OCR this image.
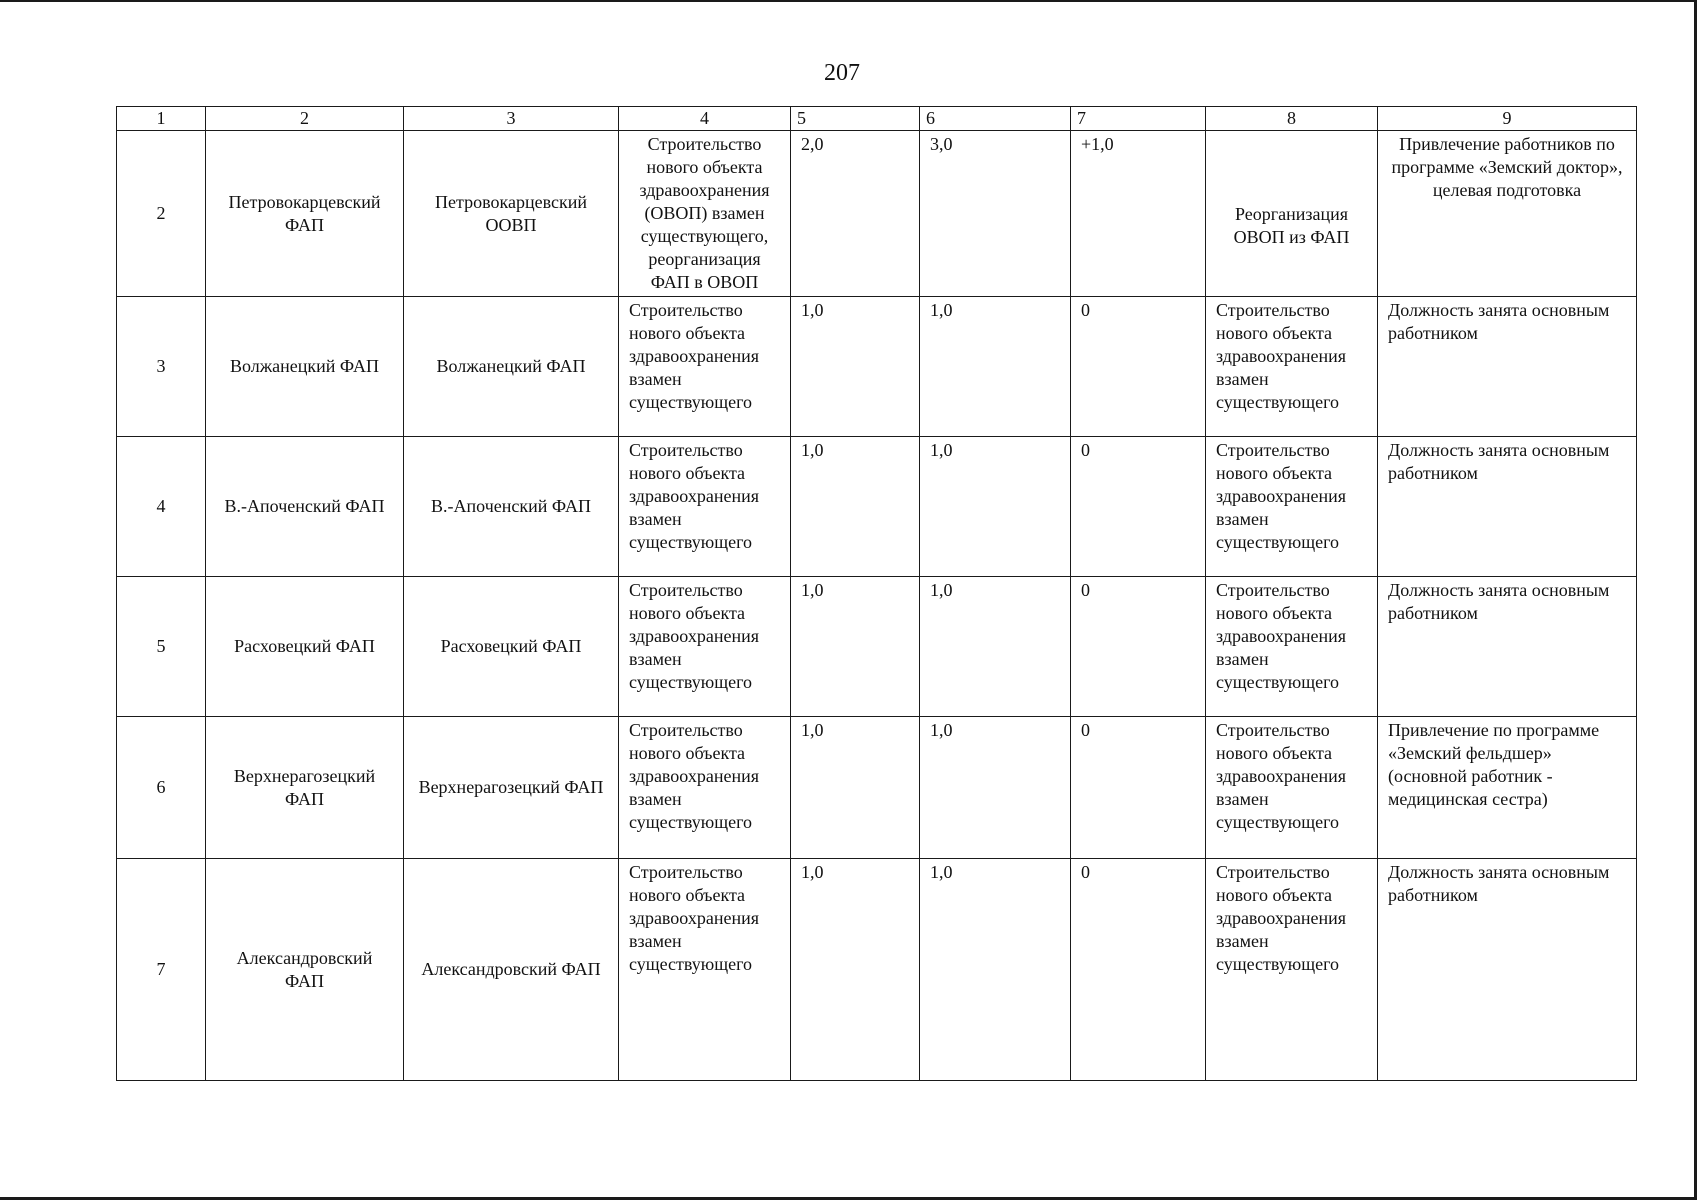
207
1	2	3	4	5	6	7	8	9
2	Петровокарцевский ФАП	Петровокарцевский ООВП	Строительство нового объекта здравоохранения (ОВОП) взамен существующего, реорганизация ФАП в ОВОП	2,0	3,0	+1,0	Реорганизация ОВОП из ФАП	Привлечение работников по программе «Земский доктор», целевая подготовка
3	Волжанецкий ФАП	Волжанецкий ФАП	Строительство нового объекта здравоохранения взамен существующего	1,0	1,0	0	Строительство нового объекта здравоохранения взамен существующего	Должность занята основным работником
4	В.-Апоченский ФАП	В.-Апоченский ФАП	Строительство нового объекта здравоохранения взамен существующего	1,0	1,0	0	Строительство нового объекта здравоохранения взамен существующего	Должность занята основным работником
5	Расховецкий ФАП	Расховецкий ФАП	Строительство нового объекта здравоохранения взамен существующего	1,0	1,0	0	Строительство нового объекта здравоохранения взамен существующего	Должность занята основным работником
6	Верхнерагозецкий ФАП	Верхнерагозецкий ФАП	Строительство нового объекта здравоохранения взамен существующего	1,0	1,0	0	Строительство нового объекта здравоохранения взамен существующего	Привлечение по программе «Земский фельдшер» (основной работник - медицинская сестра)
7	Александровский ФАП	Александровский ФАП	Строительство нового объекта здравоохранения взамен существующего	1,0	1,0	0	Строительство нового объекта здравоохранения взамен существующего	Должность занята основным работником
